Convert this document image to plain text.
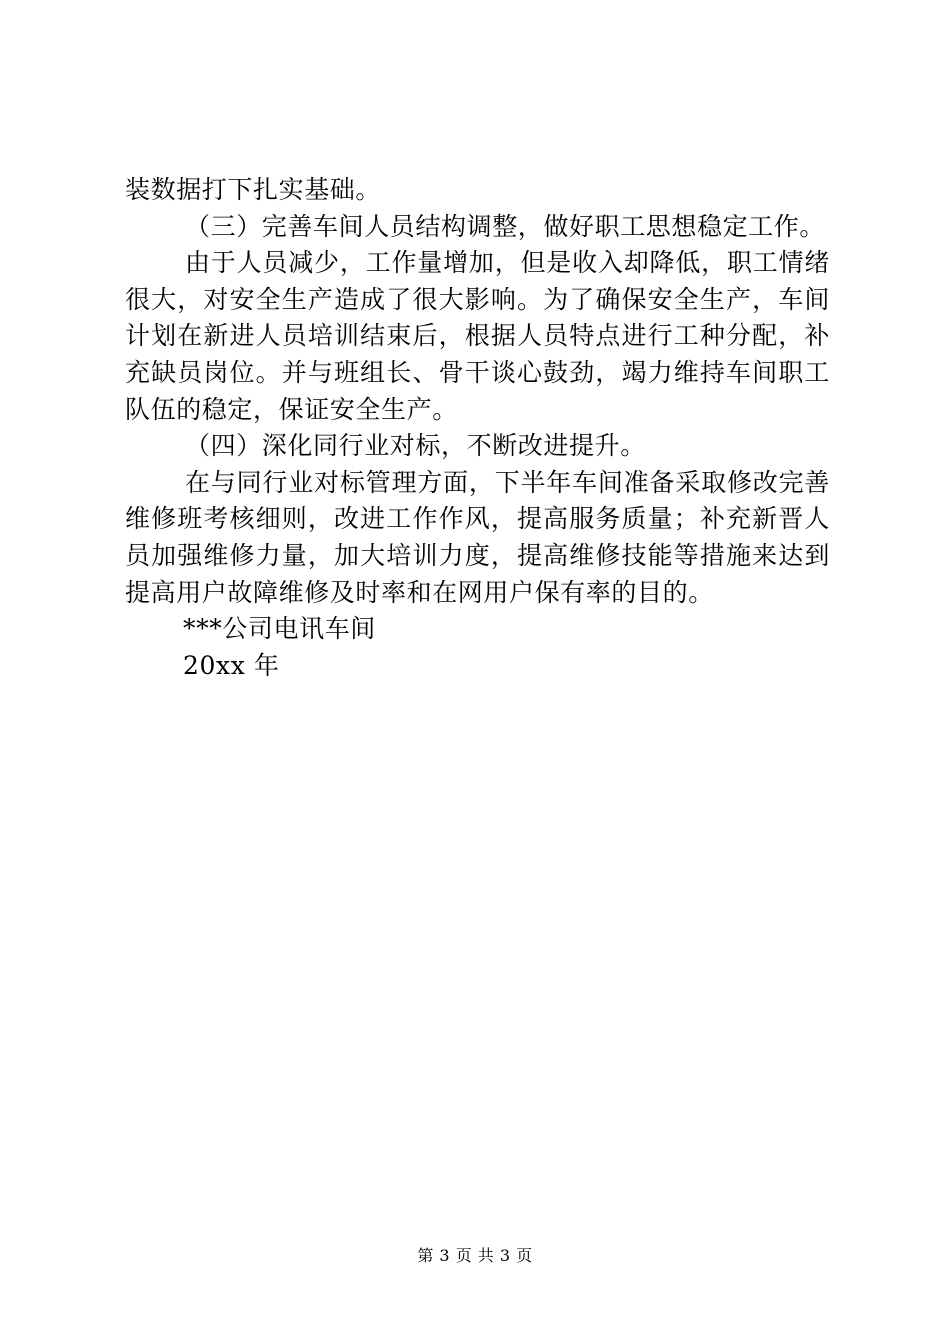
装数据打下扎实基础。

（三）完善车间人员结构调整，做好职工思想稳定工作。

由于人员减少，工作量增加，但是收入却降低，职工情绪很大，对安全生产造成了很大影响。为了确保安全生产，车间计划在新进人员培训结束后，根据人员特点进行工种分配，补充缺员岗位。并与班组长、骨干谈心鼓劲，竭力维持车间职工队伍的稳定，保证安全生产。

（四）深化同行业对标，不断改进提升。

在与同行业对标管理方面，下半年车间准备采取修改完善维修班考核细则，改进工作作风，提高服务质量；补充新晋人员加强维修力量，加大培训力度，提高维修技能等措施来达到提高用户故障维修及时率和在网用户保有率的目的。

***公司电讯车间
20xx 年
第 3 页 共 3 页
